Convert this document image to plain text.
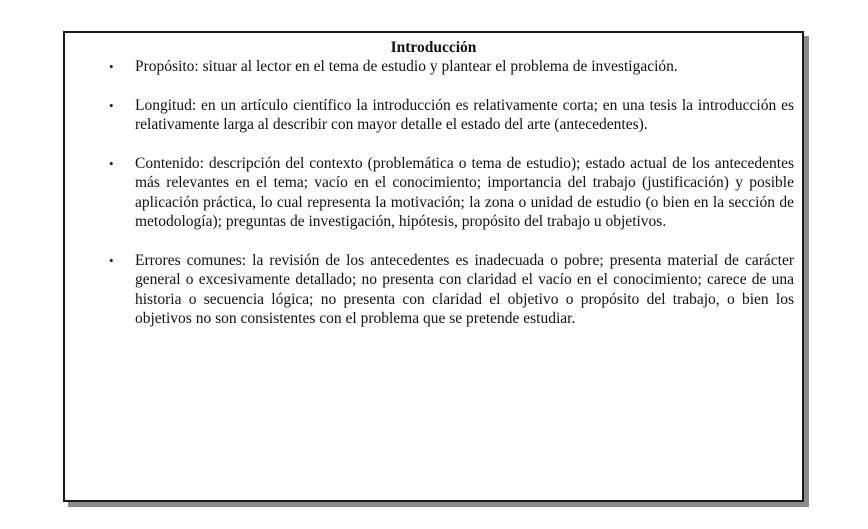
Introducción
• Propósito: situar al lector en el tema de estudio y plantear el problema de investigación.
• Longitud: en un artículo científico la introducción es relativamente corta; en una tesis la introducción es relativamente larga al describir con mayor detalle el estado del arte (antecedentes).
• Contenido: descripción del contexto (problemática o tema de estudio); estado actual de los antecedentes más relevantes en el tema; vacío en el conocimiento; importancia del trabajo (justificación) y posible aplicación práctica, lo cual representa la motivación; la zona o unidad de estudio (o bien en la sección de metodología); preguntas de investigación, hipótesis, propósito del trabajo u objetivos.
• Errores comunes: la revisión de los antecedentes es inadecuada o pobre; presenta material de carácter general o excesivamente detallado; no presenta con claridad el vacío en el conocimiento; carece de una historia o secuencia lógica; no presenta con claridad el objetivo o propósito del trabajo, o bien los objetivos no son consistentes con el problema que se pretende estudiar.
